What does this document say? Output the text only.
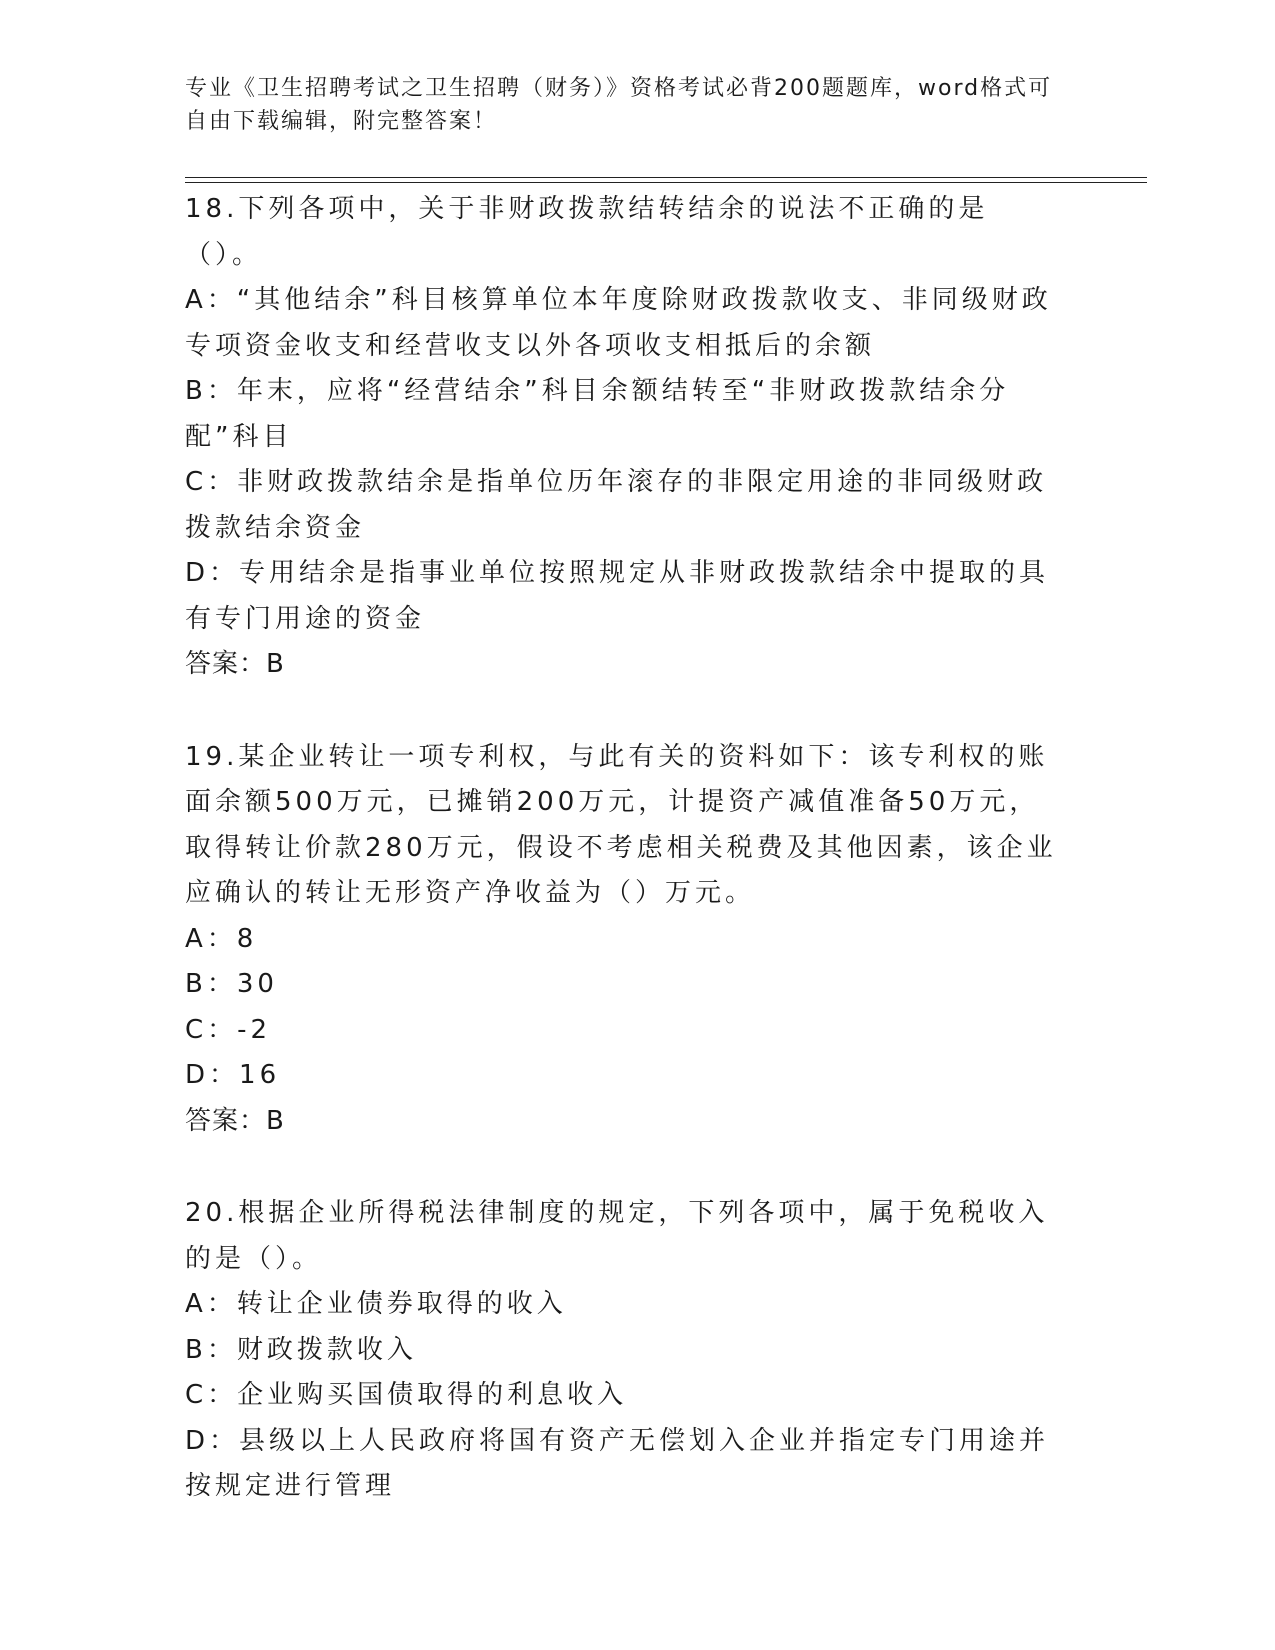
专业《卫生招聘考试之卫生招聘（财务）》资格考试必背200题题库，word格式可自由下载编辑，附完整答案！
18.下列各项中，关于非财政拨款结转结余的说法不正确的是（）。
A：“其他结余”科目核算单位本年度除财政拨款收支、非同级财政专项资金收支和经营收支以外各项收支相抵后的余额
B：年末，应将“经营结余”科目余额结转至“非财政拨款结余分配”科目
C：非财政拨款结余是指单位历年滚存的非限定用途的非同级财政拨款结余资金
D：专用结余是指事业单位按照规定从非财政拨款结余中提取的具有专门用途的资金
答案：B
19.某企业转让一项专利权，与此有关的资料如下：该专利权的账面余额500万元，已摊销200万元，计提资产减值准备50万元，取得转让价款280万元，假设不考虑相关税费及其他因素，该企业应确认的转让无形资产净收益为（）万元。
A：8
B：30
C：-2
D：16
答案：B
20.根据企业所得税法律制度的规定，下列各项中，属于免税收入的是（）。
A：转让企业债券取得的收入
B：财政拨款收入
C：企业购买国债取得的利息收入
D：县级以上人民政府将国有资产无偿划入企业并指定专门用途并按规定进行管理
